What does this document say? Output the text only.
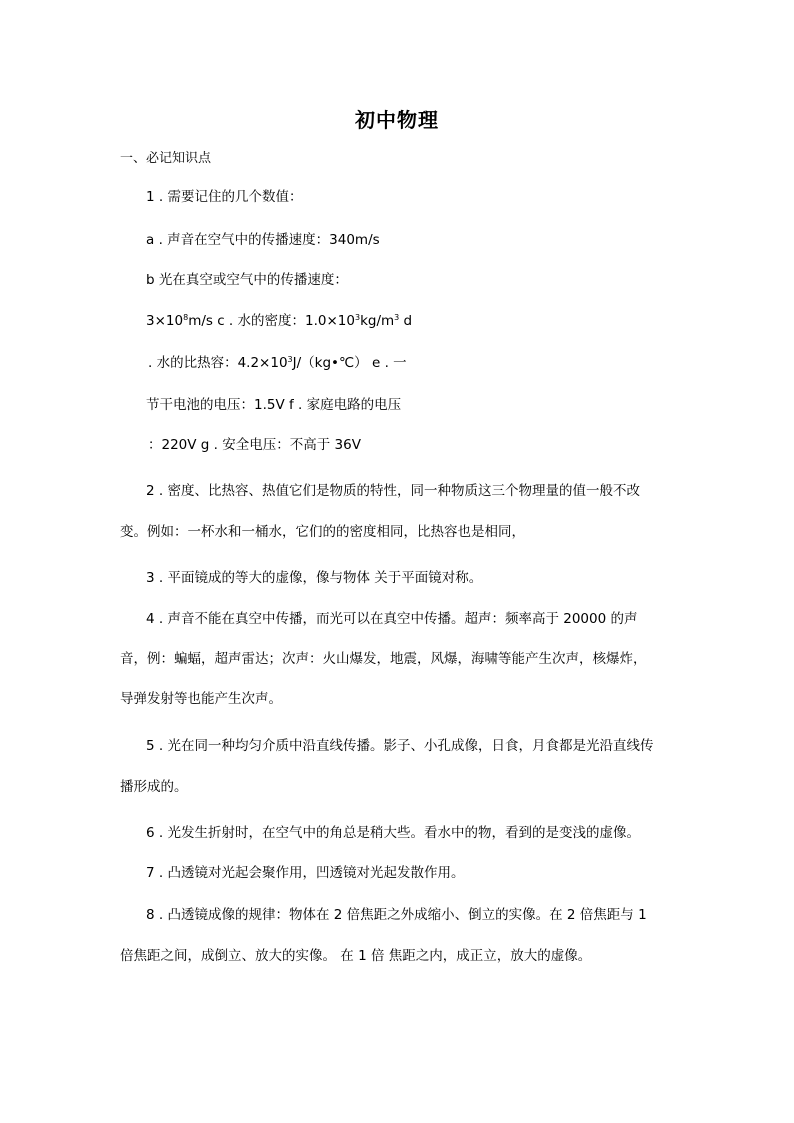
初中物理
一、必记知识点
1 . 需要记住的几个数值：
a . 声音在空气中的传播速度：340m/s
b 光在真空或空气中的传播速度：
$3\times 10^8m/s$ c . 水的密度：$1.0\times 10^3kg/m^3$ d
. 水的比热容：$4.2\times 10^3J/(kg•℃)$ e . 一
节干电池的电压：1.5V f . 家庭电路的电压
：220V g . 安全电压：不高于 36V
2 . 密度、比热容、热值它们是物质的特性，同一种物质这三个物理量的值一般不改
变。例如：一杯水和一桶水，它们的的密度相同，比热容也是相同，
3 . 平面镜成的等大的虚像，像与物体 关于平面镜对称。
4 . 声音不能在真空中传播，而光可以在真空中传播。超声：频率高于 20000 的声
音，例：蝙蝠，超声雷达；次声：火山爆发，地震，风爆，海啸等能产生次声，核爆炸，
导弹发射等也能产生次声。
5 . 光在同一种均匀介质中沿直线传播。影子、小孔成像，日食，月食都是光沿直线传
播形成的。
6 . 光发生折射时，在空气中的角总是稍大些。看水中的物，看到的是变浅的虚像。
7 . 凸透镜对光起会聚作用，凹透镜对光起发散作用。
8 . 凸透镜成像的规律：物体在 2 倍焦距之外成缩小、倒立的实像。在 2 倍焦距与 1
倍焦距之间，成倒立、放大的实像。 在 1 倍 焦距之内，成正立，放大的虚像。
